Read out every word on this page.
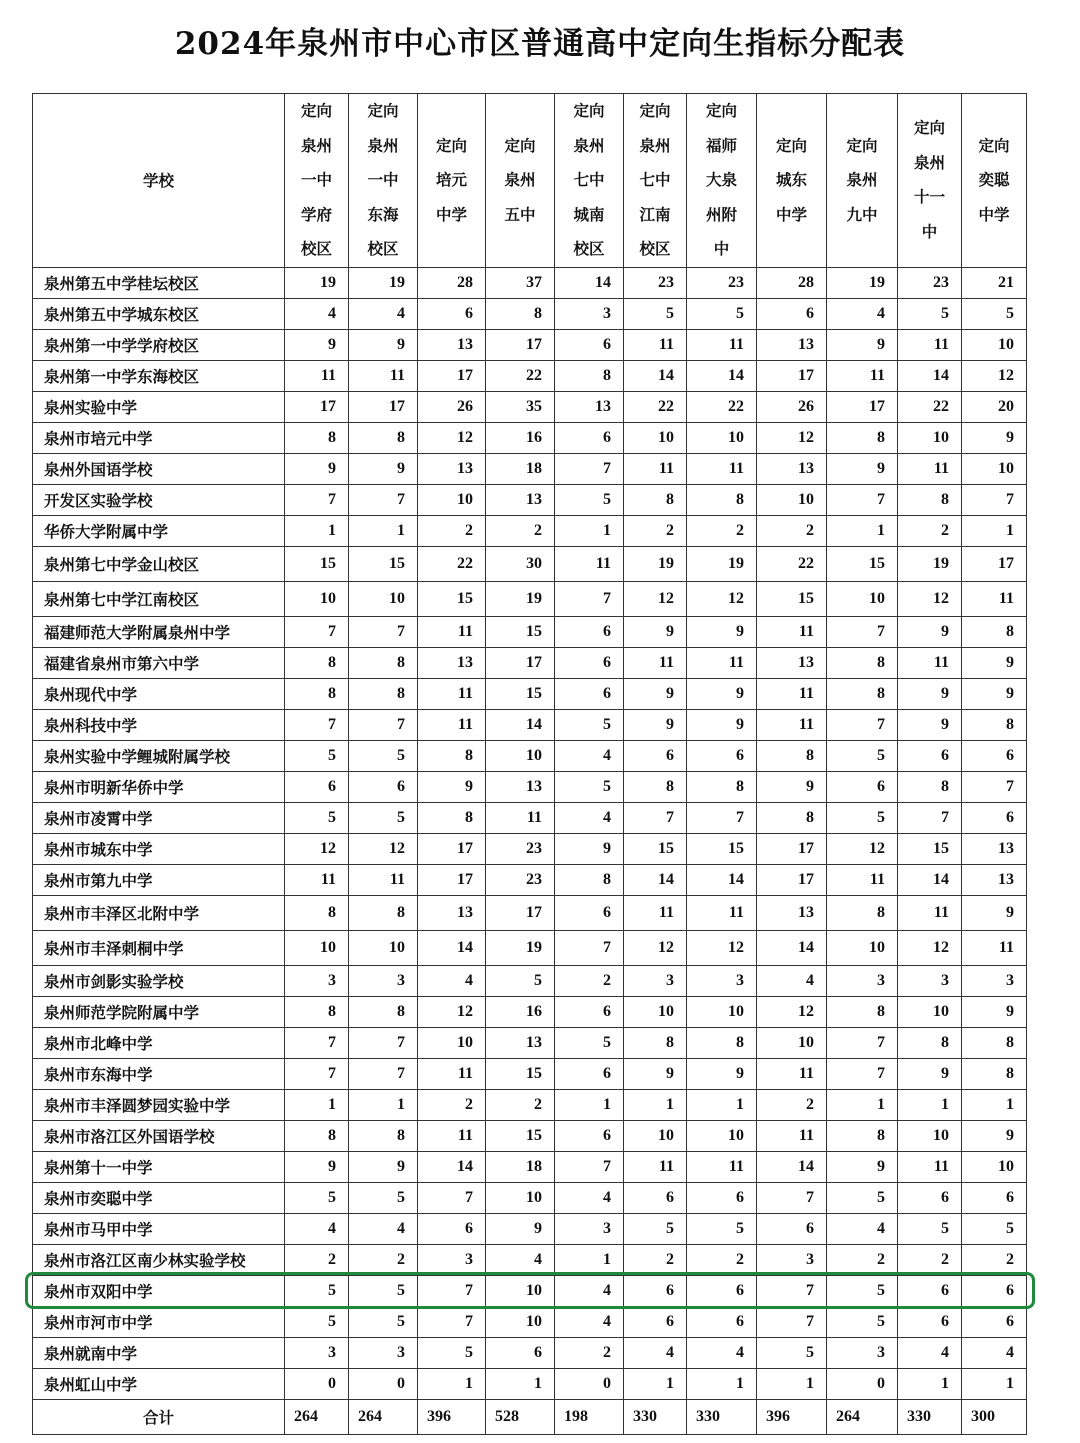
2024年泉州市中心市区普通高中定向生指标分配表
学校	定向
泉州
一中
学府
校区	定向
泉州
一中
东海
校区	定向
培元
中学	定向
泉州
五中	定向
泉州
七中
城南
校区	定向
泉州
七中
江南
校区	定向
福师
大泉
州附
中	定向
城东
中学	定向
泉州
九中	定向
泉州
十一
中	定向
奕聪
中学

泉州第五中学桂坛校区	19	19	28	37	14	23	23	28	19	23	21
泉州第五中学城东校区	4	4	6	8	3	5	5	6	4	5	5
泉州第一中学学府校区	9	9	13	17	6	11	11	13	9	11	10
泉州第一中学东海校区	11	11	17	22	8	14	14	17	11	14	12
泉州实验中学	17	17	26	35	13	22	22	26	17	22	20
泉州市培元中学	8	8	12	16	6	10	10	12	8	10	9
泉州外国语学校	9	9	13	18	7	11	11	13	9	11	10
开发区实验学校	7	7	10	13	5	8	8	10	7	8	7
华侨大学附属中学	1	1	2	2	1	2	2	2	1	2	1
泉州第七中学金山校区	15	15	22	30	11	19	19	22	15	19	17
泉州第七中学江南校区	10	10	15	19	7	12	12	15	10	12	11
福建师范大学附属泉州中学	7	7	11	15	6	9	9	11	7	9	8
福建省泉州市第六中学	8	8	13	17	6	11	11	13	8	11	9
泉州现代中学	8	8	11	15	6	9	9	11	8	9	9
泉州科技中学	7	7	11	14	5	9	9	11	7	9	8
泉州实验中学鲤城附属学校	5	5	8	10	4	6	6	8	5	6	6
泉州市明新华侨中学	6	6	9	13	5	8	8	9	6	8	7
泉州市凌霄中学	5	5	8	11	4	7	7	8	5	7	6
泉州市城东中学	12	12	17	23	9	15	15	17	12	15	13
泉州市第九中学	11	11	17	23	8	14	14	17	11	14	13
泉州市丰泽区北附中学	8	8	13	17	6	11	11	13	8	11	9
泉州市丰泽刺桐中学	10	10	14	19	7	12	12	14	10	12	11
泉州市剑影实验学校	3	3	4	5	2	3	3	4	3	3	3
泉州师范学院附属中学	8	8	12	16	6	10	10	12	8	10	9
泉州市北峰中学	7	7	10	13	5	8	8	10	7	8	8
泉州市东海中学	7	7	11	15	6	9	9	11	7	9	8
泉州市丰泽圆梦园实验中学	1	1	2	2	1	1	1	2	1	1	1
泉州市洛江区外国语学校	8	8	11	15	6	10	10	11	8	10	9
泉州第十一中学	9	9	14	18	7	11	11	14	9	11	10
泉州市奕聪中学	5	5	7	10	4	6	6	7	5	6	6
泉州市马甲中学	4	4	6	9	3	5	5	6	4	5	5
泉州市洛江区南少林实验学校	2	2	3	4	1	2	2	3	2	2	2
泉州市双阳中学	5	5	7	10	4	6	6	7	5	6	6
泉州市河市中学	5	5	7	10	4	6	6	7	5	6	6
泉州就南中学	3	3	5	6	2	4	4	5	3	4	4
泉州虹山中学	0	0	1	1	0	1	1	1	0	1	1
合计	264	264	396	528	198	330	330	396	264	330	300
